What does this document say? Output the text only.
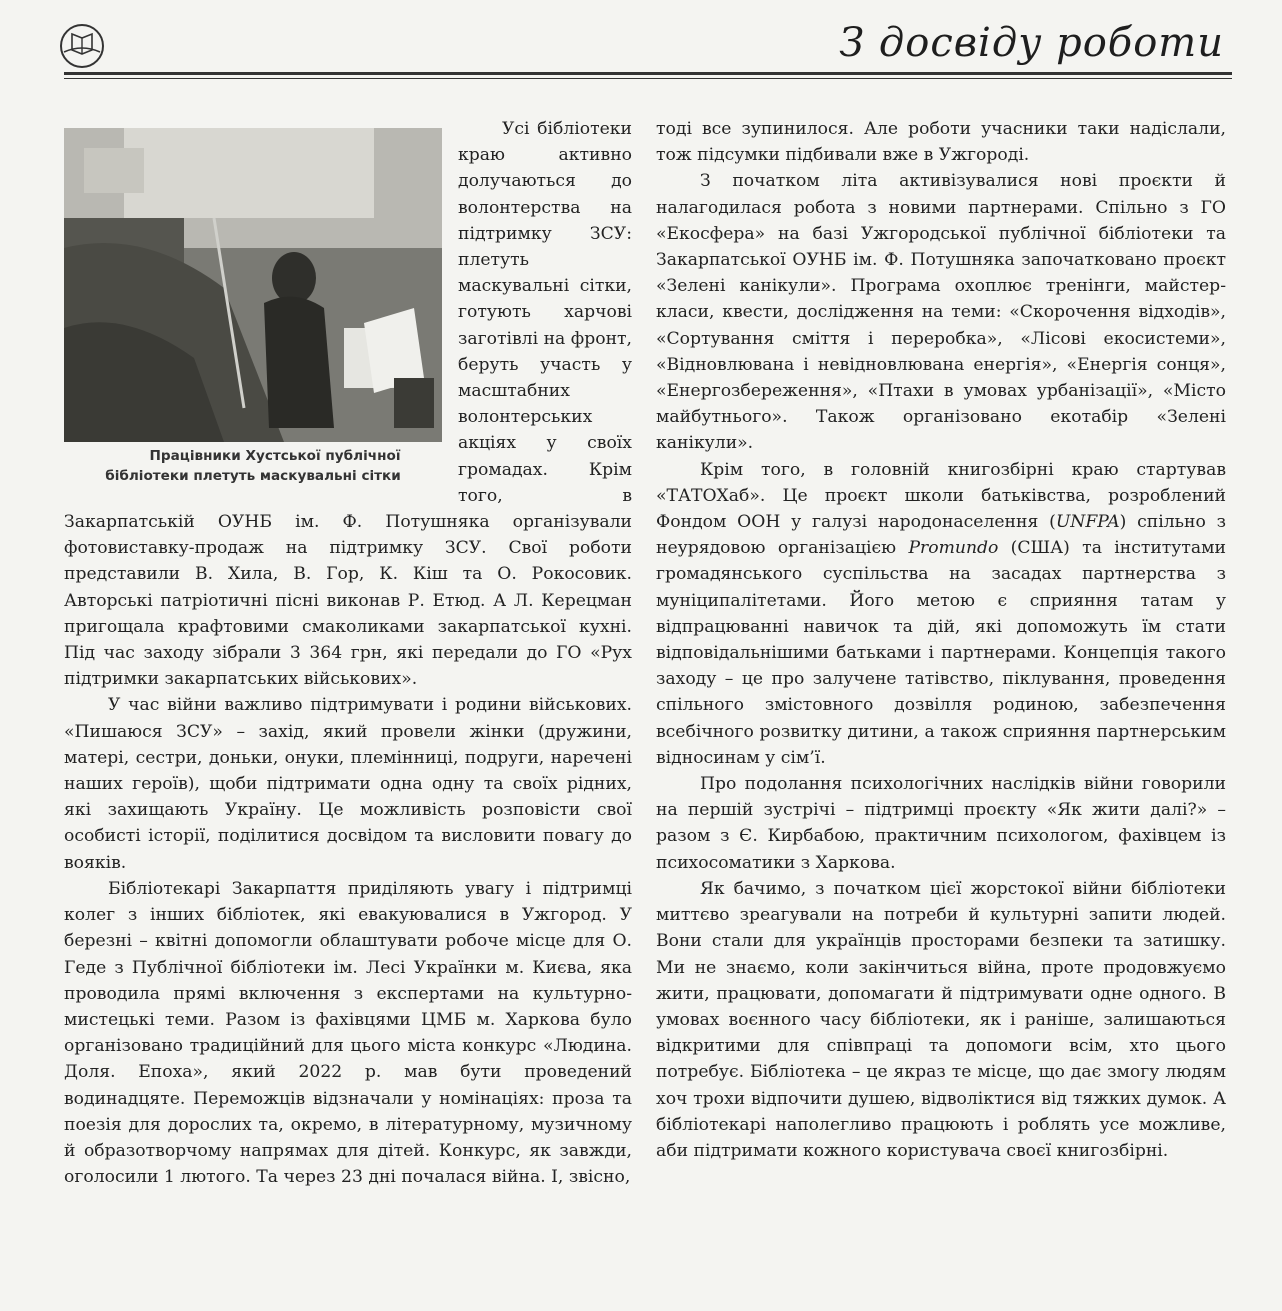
З досвіду роботи

Працівники Хустської публічної
бібліотеки плетуть маскувальні сітки
Усі бібліотеки краю активно долучаються до волонтерства на підтримку ЗСУ: плетуть маскувальні сітки, готують харчові заготівлі на фронт, беруть участь у масштабних волонтерських акціях у своїх громадах. Крім того, в Закарпатській ОУНБ ім. Ф. Потушняка організували фотовиставку-продаж на підтримку ЗСУ. Свої роботи представили В. Хила, В. Гор, К. Кіш та О. Рокосовик. Авторські патріотичні пісні виконав Р. Етюд. А Л. Керецман пригощала крафтовими смаколиками закарпатської кухні. Під час заходу зібрали 3 364 грн, які передали до ГО «Рух підтримки закарпатських військових».

У час війни важливо підтримувати і родини військових. «Пишаюся ЗСУ» – захід, який провели жінки (дружини, матері, сестри, доньки, онуки, племінниці, подруги, наречені наших героїв), щоби підтримати одна одну та своїх рідних, які захищають Україну. Це можливість розповісти свої особисті історії, поділитися досвідом та висловити повагу до вояків.

Бібліотекарі Закарпаття приділяють увагу і підтримці колег з інших бібліотек, які евакуювалися в Ужгород. У березні – квітні допомогли облаштувати робоче місце для О. Геде з Публічної бібліотеки ім. Лесі Українки м. Києва, яка проводила прямі включення з експертами на культурно-мистецькі теми. Разом із фахівцями ЦМБ м. Харкова було організовано традиційний для цього міста конкурс «Людина. Доля. Епоха», який 2022 р. мав бути проведений водинадцяте. Переможців відзначали у номінаціях: проза та поезія для дорослих та, окремо, в літературному, музичному й образотворчому напрямах для дітей. Конкурс, як завжди, оголосили 1 лютого. Та через 23 дні почалася війна. І, звісно,

тоді все зупинилося. Але роботи учасники таки надіслали, тож підсумки підбивали вже в Ужгороді.

З початком літа активізувалися нові проєкти й налагодилася робота з новими партнерами. Спільно з ГО «Екосфера» на базі Ужгородської публічної бібліотеки та Закарпатської ОУНБ ім. Ф. Потушняка започатковано проєкт «Зелені канікули». Програма охоплює тренінги, майстер-класи, квести, дослідження на теми: «Скорочення відходів», «Сортування сміття і переробка», «Лісові екосистеми», «Відновлювана і невідновлювана енергія», «Енергія сонця», «Енергозбереження», «Птахи в умовах урбанізації», «Місто майбутнього». Також організовано екотабір «Зелені канікули».

Крім того, в головній книгозбірні краю стартував «ТАТОХаб». Це проєкт школи батьківства, розроблений Фондом ООН у галузі народонаселення (UNFPA) спільно з неурядовою організацією Promundo (США) та інститутами громадянського суспільства на засадах партнерства з муніципалітетами. Його метою є сприяння татам у відпрацюванні навичок та дій, які допоможуть їм стати відповідальнішими батьками і партнерами. Концепція такого заходу – це про залучене татівство, піклування, проведення спільного змістовного дозвілля родиною, забезпечення всебічного розвитку дитини, а також сприяння партнерським відносинам у сім’ї.

Про подолання психологічних наслідків війни говорили на першій зустрічі – підтримці проєкту «Як жити далі?» – разом з Є. Кирбабою, практичним психологом, фахівцем із психосоматики з Харкова.

Як бачимо, з початком цієї жорстокої війни бібліотеки миттєво зреагували на потреби й культурні запити людей. Вони стали для українців просторами безпеки та затишку. Ми не знаємо, коли закінчиться війна, проте продовжуємо жити, працювати, допомагати й підтримувати одне одного. В умовах воєнного часу бібліотеки, як і раніше, залишаються відкритими для співпраці та допомоги всім, хто цього потребує. Бібліотека – це якраз те місце, що дає змогу людям хоч трохи відпочити душею, відволіктися від тяжких думок. А бібліотекарі наполегливо працюють і роблять усе можливе, аби підтримати кожного користувача своєї книгозбірні.
